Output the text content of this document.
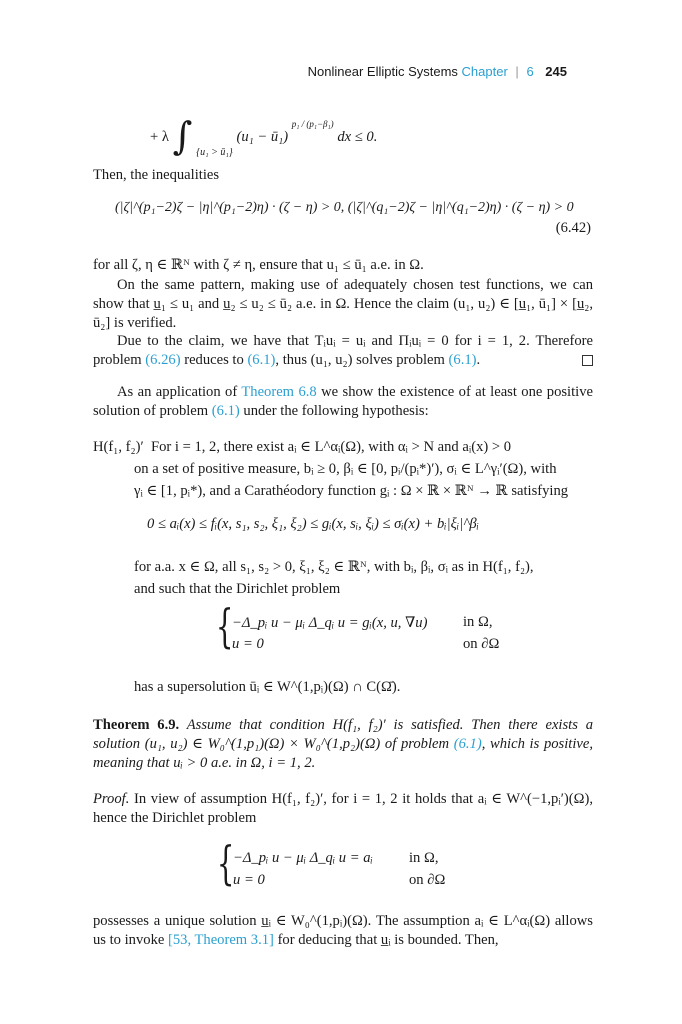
Nonlinear Elliptic Systems Chapter | 6 245
+ λ ∫ $_{\{u_1 > ū_1\}}$ (u₁ − ū₁) $^{p_1 / (p_1-\beta_1)}$ dx ≤ 0.
Then, the inequalities
(|ζ|^(p₁−2)ζ − |η|^(p₁−2)η) · (ζ − η) > 0, (|ζ|^(q₁−2)ζ − |η|^(q₁−2)η) · (ζ − η) > 0
(6.42)
for all ζ, η ∈ ℝᴺ with ζ ≠ η, ensure that u₁ ≤ ū₁ a.e. in Ω.
On the same pattern, making use of adequately chosen test functions, we can show that u̲₁ ≤ u₁ and u̲₂ ≤ u₂ ≤ ū₂ a.e. in Ω. Hence the claim (u₁, u₂) ∈ [u̲₁, ū₁] × [u̲₂, ū₂] is verified.
Due to the claim, we have that Tᵢuᵢ = uᵢ and Πᵢuᵢ = 0 for i = 1, 2. Therefore problem (6.26) reduces to (6.1), thus (u₁, u₂) solves problem (6.1).
As an application of Theorem 6.8 we show the existence of at least one positive solution of problem (6.1) under the following hypothesis:
H(f₁, f₂)′ For i = 1, 2, there exist aᵢ ∈ L^αᵢ(Ω), with αᵢ > N and aᵢ(x) > 0
on a set of positive measure, bᵢ ≥ 0, βᵢ ∈ [0, pᵢ/(pᵢ*)′), σᵢ ∈ L^γᵢ′(Ω), with
γᵢ ∈ [1, pᵢ*), and a Carathéodory function gᵢ : Ω × ℝ × ℝᴺ → ℝ satisfying
0 ≤ aᵢ(x) ≤ fᵢ(x, s₁, s₂, ξ₁, ξ₂) ≤ gᵢ(x, sᵢ, ξᵢ) ≤ σᵢ(x) + bᵢ|ξᵢ|^βᵢ
for a.a. x ∈ Ω, all s₁, s₂ > 0, ξ₁, ξ₂ ∈ ℝᴺ, with bᵢ, βᵢ, σᵢ as in H(f₁, f₂),
and such that the Dirichlet problem
{
−Δ_pᵢ u − μᵢ Δ_qᵢ u = gᵢ(x, u, ∇u) in Ω,
u = 0	on ∂Ω
has a supersolution ūᵢ ∈ W^(1,pᵢ)(Ω) ∩ C(Ω̄).
Theorem 6.9. Assume that condition H(f₁, f₂)′ is satisfied. Then there exists a solution (u₁, u₂) ∈ W₀^(1,p₁)(Ω) × W₀^(1,p₂)(Ω) of problem (6.1), which is positive, meaning that uᵢ > 0 a.e. in Ω, i = 1, 2.
Proof. In view of assumption H(f₁, f₂)′, for i = 1, 2 it holds that aᵢ ∈ W^(−1,pᵢ′)(Ω), hence the Dirichlet problem
{
−Δ_pᵢ u − μᵢ Δ_qᵢ u = aᵢ in Ω,
u = 0	on ∂Ω
possesses a unique solution u̲ᵢ ∈ W₀^(1,pᵢ)(Ω). The assumption aᵢ ∈ L^αᵢ(Ω) allows us to invoke [53, Theorem 3.1] for deducing that u̲ᵢ is bounded. Then,
